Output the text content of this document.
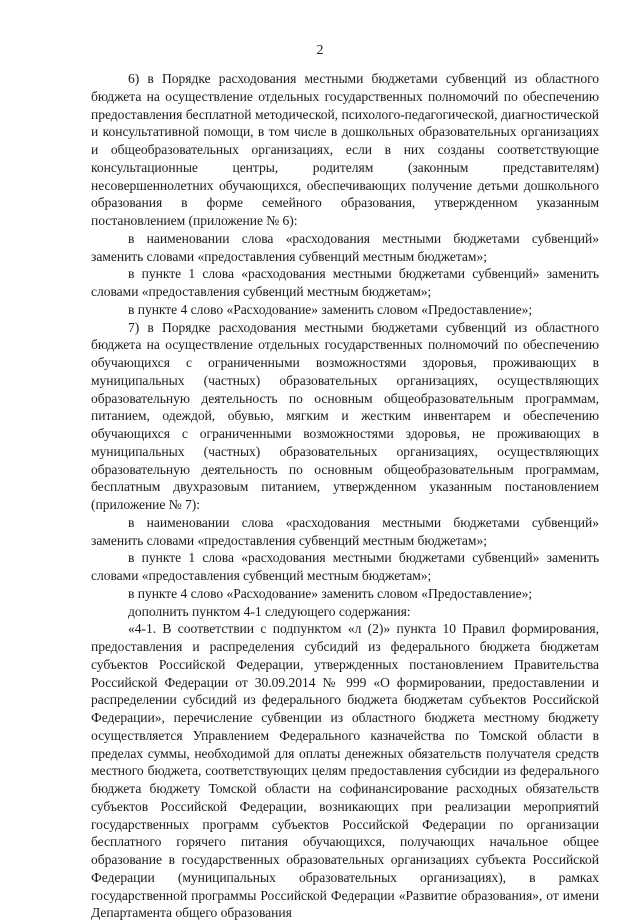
2

6) в Порядке расходования местными бюджетами субвенций из областного бюджета на осуществление отдельных государственных полномочий по обеспечению предоставления бесплатной методической, психолого-педагогической, диагностической и консультативной помощи, в том числе в дошкольных образовательных организациях и общеобразовательных организациях, если в них созданы соответствующие консультационные центры, родителям (законным представителям) несовершеннолетних обучающихся, обеспечивающих получение детьми дошкольного образования в форме семейного образования, утвержденном указанным постановлением (приложение № 6):

в наименовании слова «расходования местными бюджетами субвенций» заменить словами «предоставления субвенций местным бюджетам»;

в пункте 1 слова «расходования местными бюджетами субвенций» заменить словами «предоставления субвенций местным бюджетам»;

в пункте 4 слово «Расходование» заменить словом «Предоставление»;

7) в Порядке расходования местными бюджетами субвенций из областного бюджета на осуществление отдельных государственных полномочий по обеспечению обучающихся с ограниченными возможностями здоровья, проживающих в муниципальных (частных) образовательных организациях, осуществляющих образовательную деятельность по основным общеобразовательным программам, питанием, одеждой, обувью, мягким и жестким инвентарем и обеспечению обучающихся с ограниченными возможностями здоровья, не проживающих в муниципальных (частных) образовательных организациях, осуществляющих образовательную деятельность по основным общеобразовательным программам, бесплатным двухразовым питанием, утвержденном указанным постановлением (приложение № 7):

в наименовании слова «расходования местными бюджетами субвенций» заменить словами «предоставления субвенций местным бюджетам»;

в пункте 1 слова «расходования местными бюджетами субвенций» заменить словами «предоставления субвенций местным бюджетам»;

в пункте 4 слово «Расходование» заменить словом «Предоставление»;

дополнить пунктом 4-1 следующего содержания:

«4-1. В соответствии с подпунктом «л (2)» пункта 10 Правил формирования, предоставления и распределения субсидий из федерального бюджета бюджетам субъектов Российской Федерации, утвержденных постановлением Правительства Российской Федерации от 30.09.2014 № 999 «О формировании, предоставлении и распределении субсидий из федерального бюджета бюджетам субъектов Российской Федерации», перечисление субвенции из областного бюджета местному бюджету осуществляется Управлением Федерального казначейства по Томской области в пределах суммы, необходимой для оплаты денежных обязательств получателя средств местного бюджета, соответствующих целям предоставления субсидии из федерального бюджета бюджету Томской области на софинансирование расходных обязательств субъектов Российской Федерации, возникающих при реализации мероприятий государственных программ субъектов Российской Федерации по организации бесплатного горячего питания обучающихся, получающих начальное общее образование в государственных образовательных организациях субъекта Российской Федерации (муниципальных образовательных организациях), в рамках государственной программы Российской Федерации «Развитие образования», от имени Департамента общего образования
